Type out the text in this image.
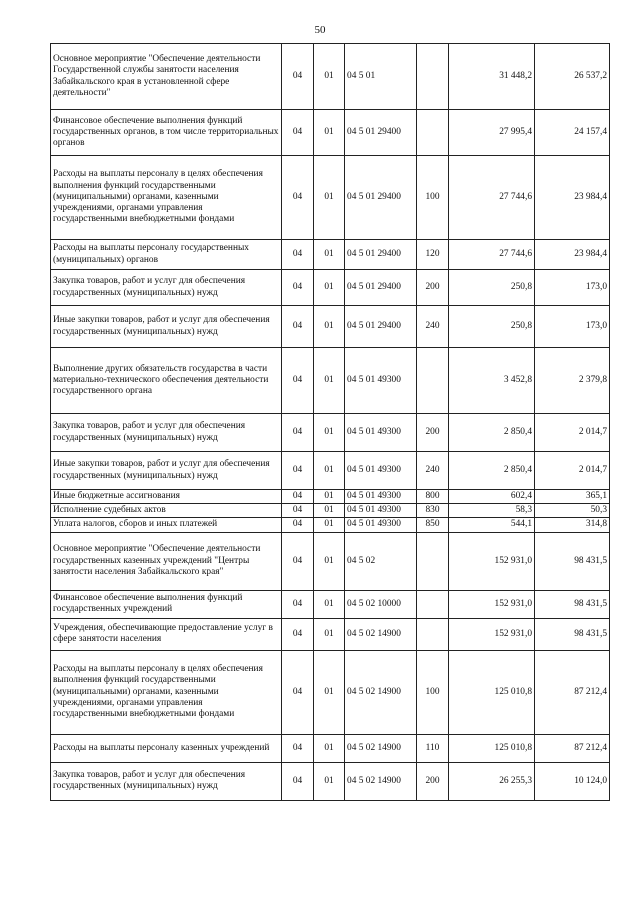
50
Основное мероприятие "Обеспечение деятельности Государственной службы занятости населения Забайкальского края в установленной сфере деятельности"	04	01	04 5 01		31 448,2	26 537,2
Финансовое обеспечение выполнения функций государственных органов, в том числе территориальных органов	04	01	04 5 01 29400		27 995,4	24 157,4
Расходы на выплаты персоналу в целях обеспечения выполнения функций государственными (муниципальными) органами, казенными учреждениями, органами управления государственными внебюджетными фондами	04	01	04 5 01 29400	100	27 744,6	23 984,4
Расходы на выплаты персоналу государственных (муниципальных) органов	04	01	04 5 01 29400	120	27 744,6	23 984,4
Закупка товаров, работ и услуг для обеспечения государственных (муниципальных) нужд	04	01	04 5 01 29400	200	250,8	173,0
Иные закупки товаров, работ и услуг для обеспечения государственных (муниципальных) нужд	04	01	04 5 01 29400	240	250,8	173,0
Выполнение других обязательств государства в части материально-технического обеспечения деятельности государственного органа	04	01	04 5 01 49300		3 452,8	2 379,8
Закупка товаров, работ и услуг для обеспечения государственных (муниципальных) нужд	04	01	04 5 01 49300	200	2 850,4	2 014,7
Иные закупки товаров, работ и услуг для обеспечения государственных (муниципальных) нужд	04	01	04 5 01 49300	240	2 850,4	2 014,7
Иные бюджетные ассигнования	04	01	04 5 01 49300	800	602,4	365,1
Исполнение судебных актов	04	01	04 5 01 49300	830	58,3	50,3
Уплата налогов, сборов и иных платежей	04	01	04 5 01 49300	850	544,1	314,8
Основное мероприятие "Обеспечение деятельности государственных казенных учреждений "Центры занятости населения Забайкальского края"	04	01	04 5 02		152 931,0	98 431,5
Финансовое обеспечение выполнения функций государственных учреждений	04	01	04 5 02 10000		152 931,0	98 431,5
Учреждения, обеспечивающие предоставление услуг в сфере занятости населения	04	01	04 5 02 14900		152 931,0	98 431,5
Расходы на выплаты персоналу в целях обеспечения выполнения функций государственными (муниципальными) органами, казенными учреждениями, органами управления государственными внебюджетными фондами	04	01	04 5 02 14900	100	125 010,8	87 212,4
Расходы на выплаты персоналу казенных учреждений	04	01	04 5 02 14900	110	125 010,8	87 212,4
Закупка товаров, работ и услуг для обеспечения государственных (муниципальных) нужд	04	01	04 5 02 14900	200	26 255,3	10 124,0
